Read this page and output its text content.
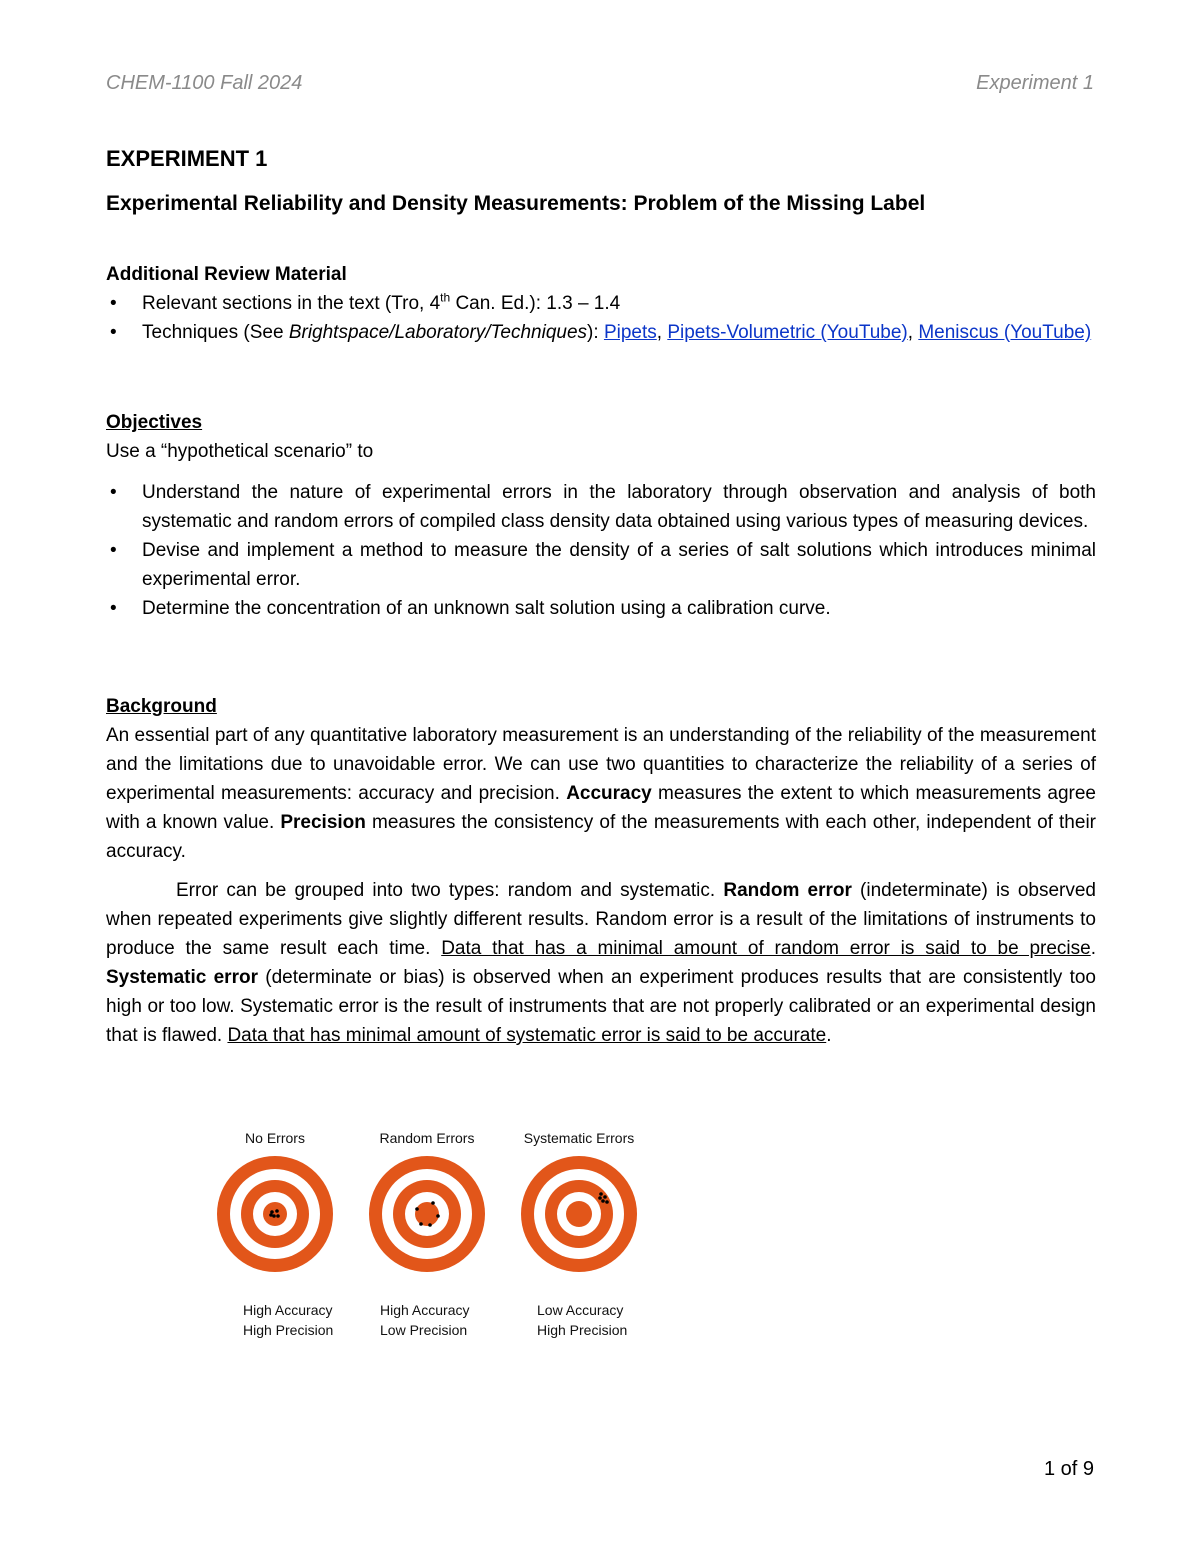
CHEM-1100 Fall 2024	Experiment 1
EXPERIMENT 1
Experimental Reliability and Density Measurements: Problem of the Missing Label
Additional Review Material
• Relevant sections in the text (Tro, 4th Can. Ed.): 1.3 – 1.4
• Techniques (See Brightspace/Laboratory/Techniques): Pipets, Pipets-Volumetric (YouTube), Meniscus (YouTube)
Objectives
Use a “hypothetical scenario” to
• Understand the nature of experimental errors in the laboratory through observation and analysis of both systematic and random errors of compiled class density data obtained using various types of measuring devices.
• Devise and implement a method to measure the density of a series of salt solutions which introduces minimal experimental error.
• Determine the concentration of an unknown salt solution using a calibration curve.
Background
An essential part of any quantitative laboratory measurement is an understanding of the reliability of the measurement and the limitations due to unavoidable error. We can use two quantities to characterize the reliability of a series of experimental measurements: accuracy and precision. Accuracy measures the extent to which measurements agree with a known value. Precision measures the consistency of the measurements with each other, independent of their accuracy.
Error can be grouped into two types: random and systematic. Random error (indeterminate) is observed when repeated experiments give slightly different results. Random error is a result of the limitations of instruments to produce the same result each time. Data that has a minimal amount of random error is said to be precise. Systematic error (determinate or bias) is observed when an experiment produces results that are consistently too high or too low. Systematic error is the result of instruments that are not properly calibrated or an experimental design that is flawed. Data that has minimal amount of systematic error is said to be accurate.
No Errors	Random Errors	Systematic Errors
High Accuracy
High Precision
High Accuracy
Low Precision
Low Accuracy
High Precision
1 of 9
